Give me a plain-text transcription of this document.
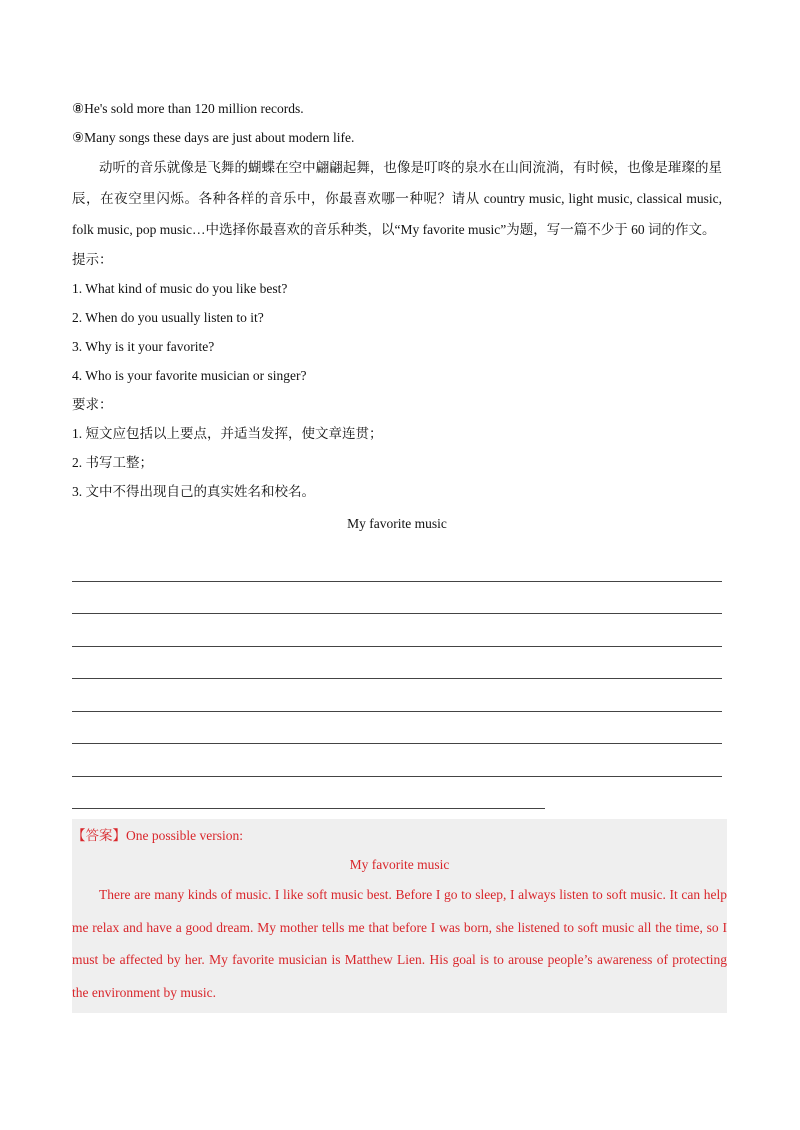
⑧He's sold more than 120 million records.
⑨Many songs these days are just about modern life.
动听的音乐就像是飞舞的蝴蝶在空中翩翩起舞，也像是叮咚的泉水在山间流淌，有时候，也像是璀璨的星辰，在夜空里闪烁。各种各样的音乐中，你最喜欢哪一种呢？请从 country music, light music, classical music, folk music, pop music…中选择你最喜欢的音乐种类，以“My favorite music”为题，写一篇不少于 60 词的作文。
提示：
1. What kind of music do you like best?
2. When do you usually listen to it?
3. Why is it your favorite?
4. Who is your favorite musician or singer?
要求：
1. 短文应包括以上要点，并适当发挥，使文章连贯；
2. 书写工整；
3. 文中不得出现自己的真实姓名和校名。
My favorite music
【答案】One possible version:
My favorite music
There are many kinds of music. I like soft music best. Before I go to sleep, I always listen to soft music. It can help me relax and have a good dream. My mother tells me that before I was born, she listened to soft music all the time, so I must be affected by her. My favorite musician is Matthew Lien. His goal is to arouse people’s awareness of protecting the environment by music.
